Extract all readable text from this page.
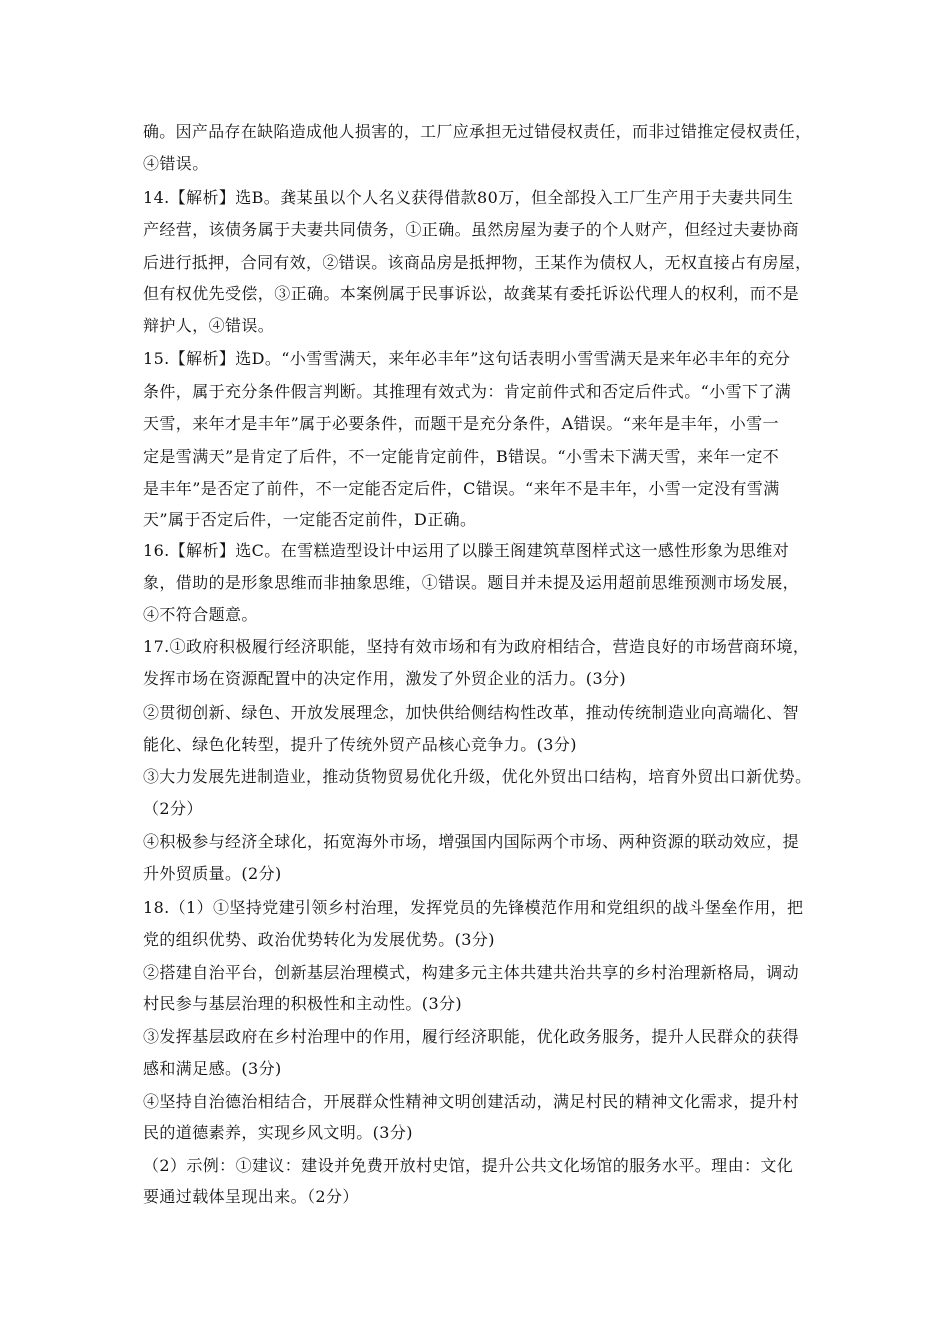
确。因产品存在缺陷造成他人损害的，工厂应承担无过错侵权责任，而非过错推定侵权责任，
④错误。
14.【解析】选B。龚某虽以个人名义获得借款80万，但全部投入工厂生产用于夫妻共同生
产经营，该债务属于夫妻共同债务，①正确。虽然房屋为妻子的个人财产，但经过夫妻协商
后进行抵押，合同有效，②错误。该商品房是抵押物，王某作为债权人，无权直接占有房屋，
但有权优先受偿，③正确。本案例属于民事诉讼，故龚某有委托诉讼代理人的权利，而不是
辩护人，④错误。
15.【解析】选D。“小雪雪满天，来年必丰年”这句话表明小雪雪满天是来年必丰年的充分
条件，属于充分条件假言判断。其推理有效式为：肯定前件式和否定后件式。“小雪下了满
天雪，来年才是丰年”属于必要条件，而题干是充分条件，A错误。“来年是丰年，小雪一
定是雪满天”是肯定了后件，不一定能肯定前件，B错误。“小雪未下满天雪，来年一定不
是丰年”是否定了前件，不一定能否定后件，C错误。“来年不是丰年，小雪一定没有雪满
天”属于否定后件，一定能否定前件，D正确。
16.【解析】选C。在雪糕造型设计中运用了以滕王阁建筑草图样式这一感性形象为思维对
象，借助的是形象思维而非抽象思维，①错误。题目并未提及运用超前思维预测市场发展，
④不符合题意。
17.①政府积极履行经济职能，坚持有效市场和有为政府相结合，营造良好的市场营商环境，
发挥市场在资源配置中的决定作用，激发了外贸企业的活力。(3分)
②贯彻创新、绿色、开放发展理念，加快供给侧结构性改革，推动传统制造业向高端化、智
能化、绿色化转型，提升了传统外贸产品核心竞争力。(3分)
③大力发展先进制造业，推动货物贸易优化升级，优化外贸出口结构，培育外贸出口新优势。
（2分）
④积极参与经济全球化，拓宽海外市场，增强国内国际两个市场、两种资源的联动效应，提
升外贸质量。(2分)
18.（1）①坚持党建引领乡村治理，发挥党员的先锋模范作用和党组织的战斗堡垒作用，把
党的组织优势、政治优势转化为发展优势。(3分)
②搭建自治平台，创新基层治理模式，构建多元主体共建共治共享的乡村治理新格局，调动
村民参与基层治理的积极性和主动性。(3分)
③发挥基层政府在乡村治理中的作用，履行经济职能，优化政务服务，提升人民群众的获得
感和满足感。(3分)
④坚持自治德治相结合，开展群众性精神文明创建活动，满足村民的精神文化需求，提升村
民的道德素养，实现乡风文明。(3分)
（2）示例：①建议：建设并免费开放村史馆，提升公共文化场馆的服务水平。理由：文化
要通过载体呈现出来。（2分）
